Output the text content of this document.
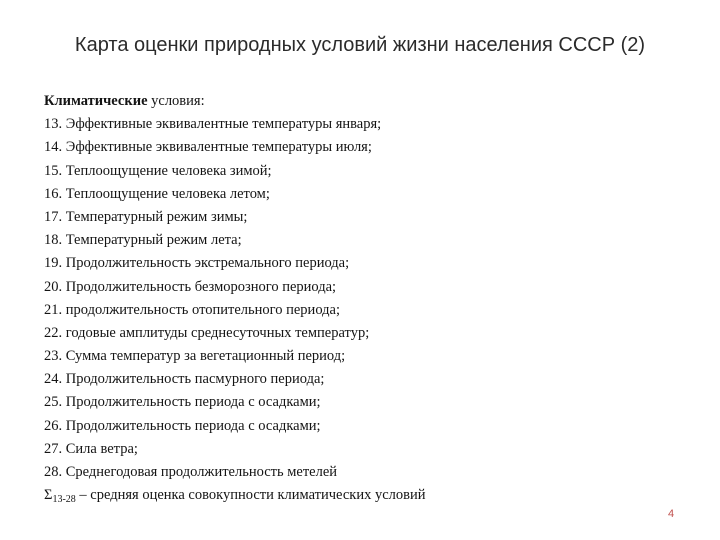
Карта оценки природных условий жизни населения СССР (2)
Климатические условия:
13. Эффективные эквивалентные температуры января;
14. Эффективные эквивалентные температуры июля;
15. Теплоощущение человека зимой;
16. Теплоощущение человека летом;
17. Температурный режим зимы;
18. Температурный режим лета;
19. Продолжительность экстремального периода;
20. Продолжительность безморозного периода;
21. продолжительность отопительного периода;
22. годовые амплитуды среднесуточных температур;
23. Сумма температур за вегетационный период;
24. Продолжительность пасмурного периода;
25. Продолжительность периода с осадками;
26. Продолжительность периода с осадками;
27. Сила ветра;
28. Среднегодовая продолжительность метелей
$\Sigma_{13-28}$ – средняя оценка совокупности климатических условий
4
